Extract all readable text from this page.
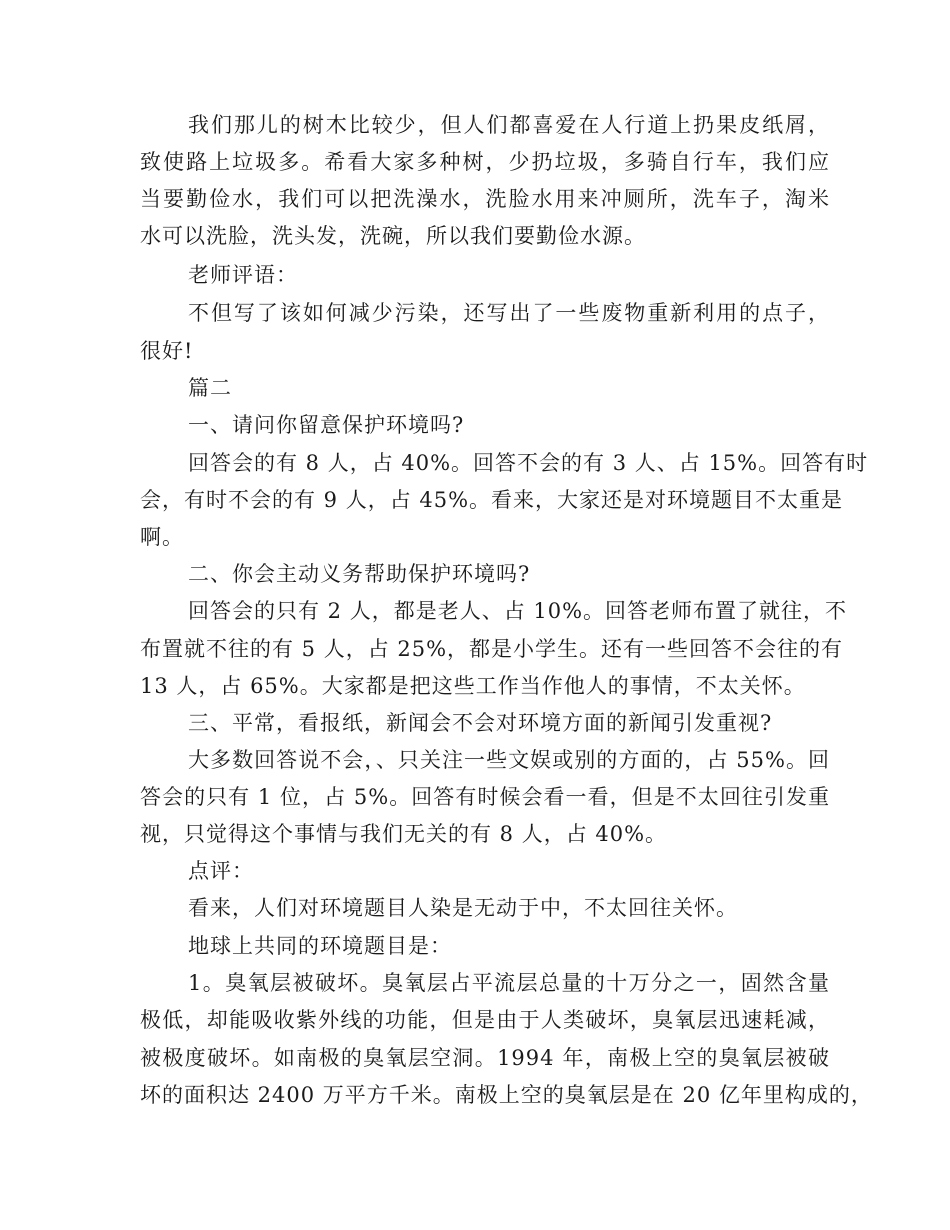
我们那儿的树木比较少，但人们都喜爱在人行道上扔果皮纸屑，
致使路上垃圾多。希看大家多种树，少扔垃圾，多骑自行车，我们应
当要勤俭水，我们可以把洗澡水，洗脸水用来冲厕所，洗车子，淘米
水可以洗脸，洗头发，洗碗，所以我们要勤俭水源。
老师评语：
不但写了该如何减少污染，还写出了一些废物重新利用的点子，
很好!
篇二
一、请问你留意保护环境吗?
回答会的有 8 人，占 40%。回答不会的有 3 人、占 15%。回答有时
会，有时不会的有 9 人，占 45%。看来，大家还是对环境题目不太重是
啊。
二、你会主动义务帮助保护环境吗?
回答会的只有 2 人，都是老人、占 10%。回答老师布置了就往，不
布置就不往的有 5 人，占 25%，都是小学生。还有一些回答不会往的有
13 人，占 65%。大家都是把这些工作当作他人的事情，不太关怀。
三、平常，看报纸，新闻会不会对环境方面的新闻引发重视?
大多数回答说不会，、只关注一些文娱或别的方面的，占 55%。回
答会的只有 1 位，占 5%。回答有时候会看一看，但是不太回往引发重
视，只觉得这个事情与我们无关的有 8 人，占 40%。
点评：
看来，人们对环境题目人染是无动于中，不太回往关怀。
地球上共同的环境题目是：
1。臭氧层被破坏。臭氧层占平流层总量的十万分之一，固然含量
极低，却能吸收紫外线的功能，但是由于人类破坏，臭氧层迅速耗减，
被极度破坏。如南极的臭氧层空洞。1994 年，南极上空的臭氧层被破
坏的面积达 2400 万平方千米。南极上空的臭氧层是在 20 亿年里构成的，
